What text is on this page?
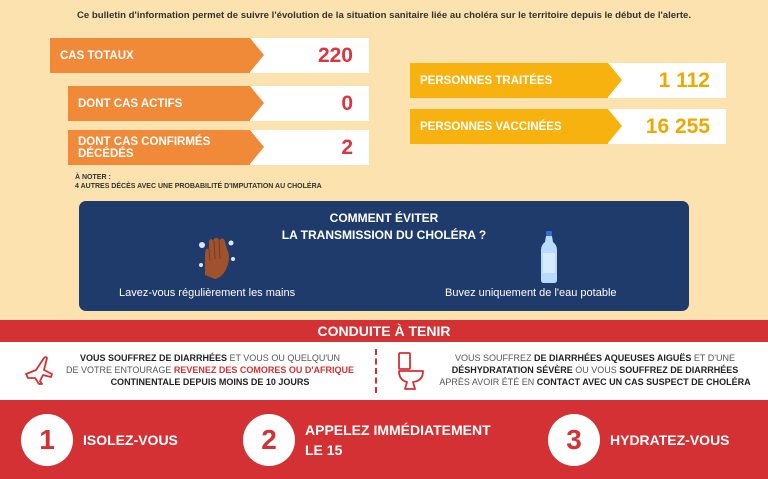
Ce bulletin d'information permet de suivre l'évolution de la situation sanitaire liée au choléra sur le territoire depuis le début de l'alerte.
CAS TOTAUX	220
DONT CAS ACTIFS	0
DONT CAS CONFIRMÉS DÉCÉDÉS	2
PERSONNES TRAITÉES	1 112
PERSONNES VACCINÉES	16 255
À NOTER :
4 AUTRES DÉCÈS AVEC UNE PROBABILITÉ D'IMPUTATION AU CHOLÉRA
COMMENT ÉVITER
LA TRANSMISSION DU CHOLÉRA ?
Lavez-vous régulièrement les mains	Buvez uniquement de l'eau potable
CONDUITE À TENIR
VOUS SOUFFREZ DE DIARRHÉES ET VOUS OU QUELQU'UN
DE VOTRE ENTOURAGE REVENEZ DES COMORES OU D'AFRIQUE
CONTINENTALE DEPUIS MOINS DE 10 JOURS
VOUS SOUFFREZ DE DIARRHÉES AQUEUSES AIGUËS ET D'UNE
DÉSHYDRATATION SÉVÈRE OU VOUS SOUFFREZ DE DIARRHÉES
APRÈS AVOIR ÉTÉ EN CONTACT AVEC UN CAS SUSPECT DE CHOLÉRA
1	ISOLEZ-VOUS	2	APPELEZ IMMÉDIATEMENT
LE 15	3	HYDRATEZ-VOUS
